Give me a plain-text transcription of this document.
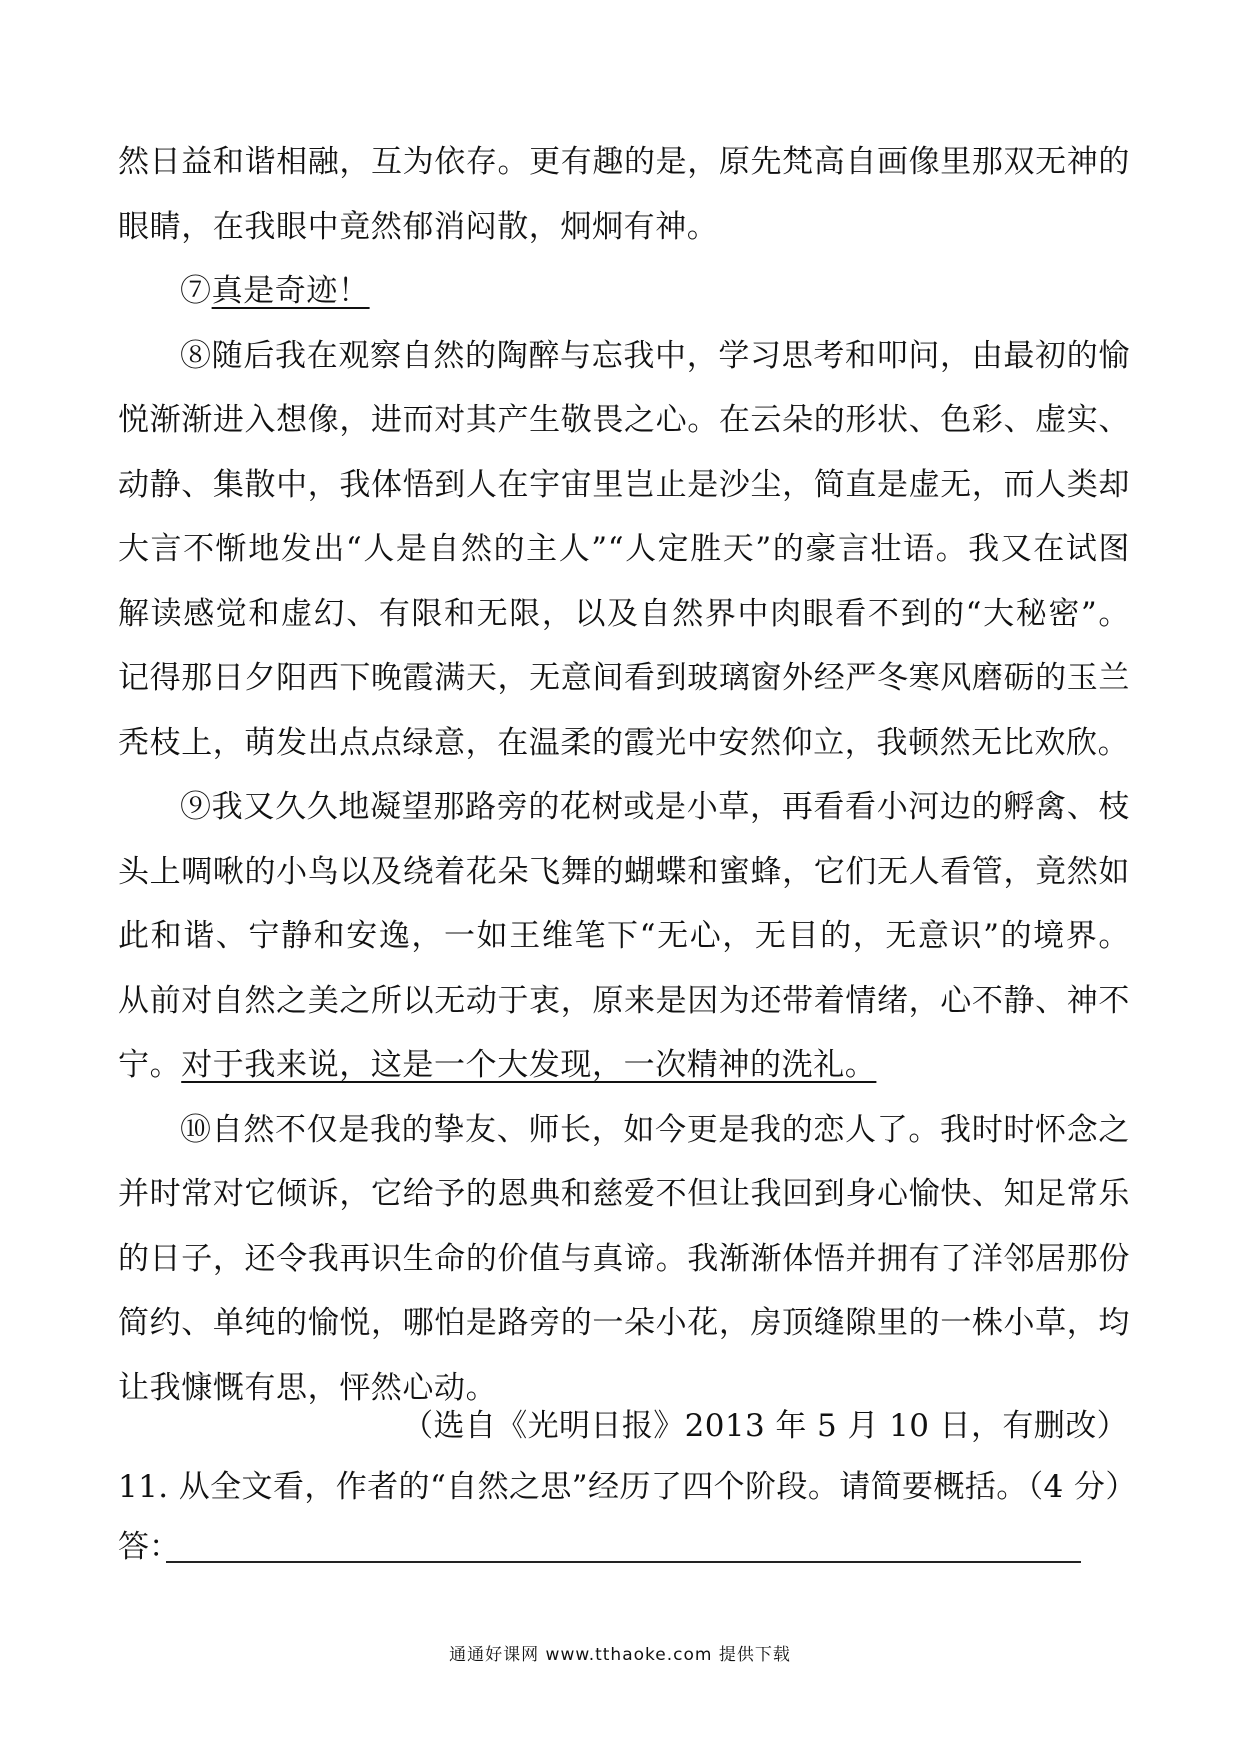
然日益和谐相融，互为依存。更有趣的是，原先梵高自画像里那双无神的眼睛，在我眼中竟然郁消闷散，炯炯有神。

⑦真是奇迹！

⑧随后我在观察自然的陶醉与忘我中，学习思考和叩问，由最初的愉悦渐渐进入想像，进而对其产生敬畏之心。在云朵的形状、色彩、虚实、动静、集散中，我体悟到人在宇宙里岂止是沙尘，简直是虚无，而人类却大言不惭地发出“人是自然的主人”“人定胜天”的豪言壮语。我又在试图解读感觉和虚幻、有限和无限，以及自然界中肉眼看不到的“大秘密”。记得那日夕阳西下晚霞满天，无意间看到玻璃窗外经严冬寒风磨砺的玉兰秃枝上，萌发出点点绿意，在温柔的霞光中安然仰立，我顿然无比欢欣。

⑨我又久久地凝望那路旁的花树或是小草，再看看小河边的孵禽、枝头上啁啾的小鸟以及绕着花朵飞舞的蝴蝶和蜜蜂，它们无人看管，竟然如此和谐、宁静和安逸，一如王维笔下“无心，无目的，无意识”的境界。从前对自然之美之所以无动于衷，原来是因为还带着情绪，心不静、神不宁。对于我来说，这是一个大发现，一次精神的洗礼。

⑩自然不仅是我的挚友、师长，如今更是我的恋人了。我时时怀念之并时常对它倾诉，它给予的恩典和慈爱不但让我回到身心愉快、知足常乐的日子，还令我再识生命的价值与真谛。我渐渐体悟并拥有了洋邻居那份简约、单纯的愉悦，哪怕是路旁的一朵小花，房顶缝隙里的一株小草，均让我慷慨有思，怦然心动。

（选自《光明日报》2013 年 5 月 10 日，有删改）
11. 从全文看，作者的“自然之思”经历了四个阶段。请简要概括。（4 分）
答：
通通好课网 www.tthaoke.com 提供下载
